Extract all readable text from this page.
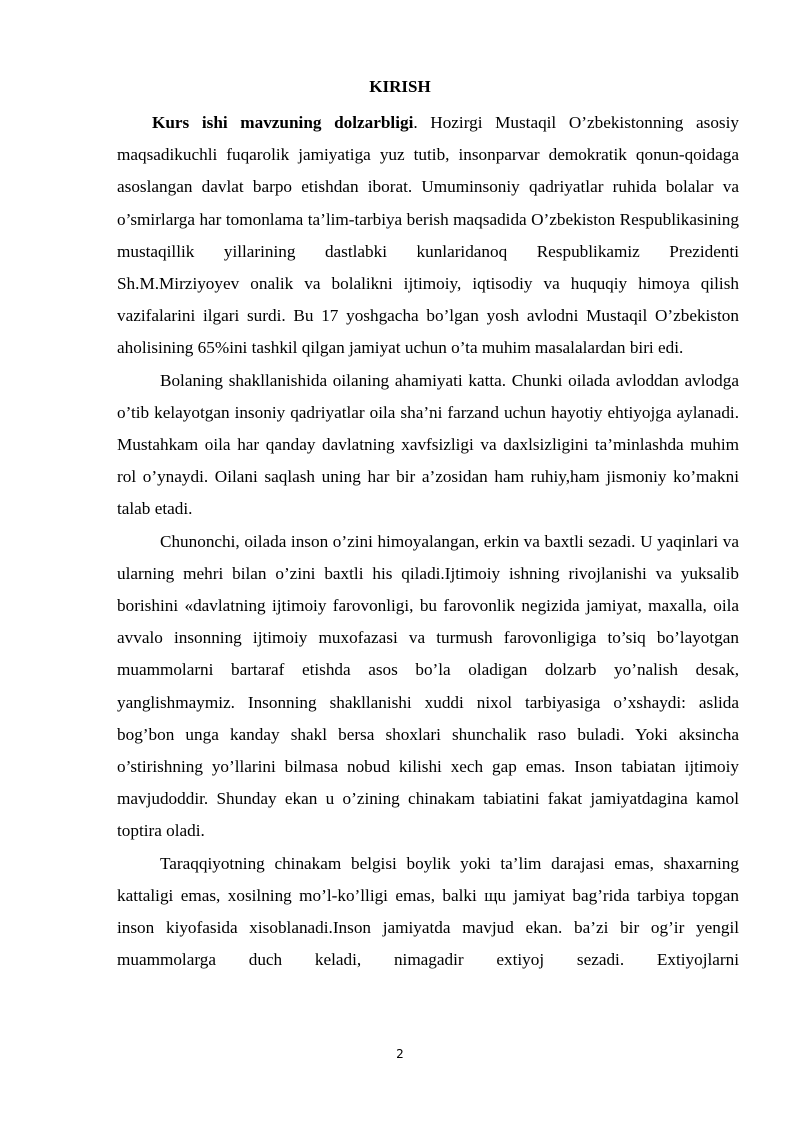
KIRISH

Kurs ishi mavzuning dolzarbligi. Hozirgi Mustaqil O’zbekistonning asosiy maqsadikuchli fuqarolik jamiyatiga yuz tutib, insonparvar demokratik qonun-qoidaga asoslangan davlat barpo etishdan iborat. Umuminsoniy qadriyatlar ruhida bolalar va o’smirlarga har tomonlama ta’lim-tarbiya berish maqsadida O’zbekiston Respublikasining mustaqillik yillarining dastlabki kunlaridanoq Respublikamiz Prezidenti Sh.M.Mirziyoyev onalik va bolalikni ijtimoiy, iqtisodiy va huquqiy himoya qilish vazifalarini ilgari surdi. Bu 17 yoshgacha bo’lgan yosh avlodni Mustaqil O’zbekiston aholisining 65%ini tashkil qilgan jamiyat uchun o’ta muhim masalalardan biri edi.

Bolaning shakllanishida oilaning ahamiyati katta. Chunki oilada avloddan avlodga o’tib kelayotgan insoniy qadriyatlar oila sha’ni farzand uchun hayotiy ehtiyojga aylanadi. Mustahkam oila har qanday davlatning xavfsizligi va daxlsizligini ta’minlashda muhim rol o’ynaydi. Oilani saqlash uning har bir a’zosidan ham ruhiy,ham jismoniy ko’makni talab etadi.

Chunonchi, oilada inson o’zini himoyalangan, erkin va baxtli sezadi. U yaqinlari va ularning mehri bilan o’zini baxtli his qiladi.Ijtimoiy ishning rivojlanishi va yuksalib borishini «davlatning ijtimoiy farovonligi, bu farovonlik negizida jamiyat, maxalla, oila avvalo insonning ijtimoiy muxofazasi va turmush farovonligiga to’siq bo’layotgan muammolarni bartaraf etishda asos bo’la oladigan dolzarb yo’nalish desak, yanglishmaymiz. Insonning shakllanishi xuddi nixol tarbiyasiga o’xshaydi: aslida bog’bon unga kanday shakl bersa shoxlari shunchalik raso buladi. Yoki aksincha o’stirishning yo’llarini bilmasa nobud kilishi xech gap emas. Inson tabiatan ijtimoiy mavjudoddir. Shunday ekan u o’zining chinakam tabiatini fakat jamiyatdagina kamol toptira oladi.

Taraqqiyotning chinakam belgisi boylik yoki ta’lim darajasi emas, shaxarning kattaligi emas, xosilning mo’l-ko’lligi emas, balki щu jamiyat bag’rida tarbiya topgan inson kiyofasida xisoblanadi.Inson jamiyatda mavjud ekan. ba’zi bir og’ir yengil muammolarga duch keladi, nimagadir extiyoj sezadi. Extiyojlarni

2
